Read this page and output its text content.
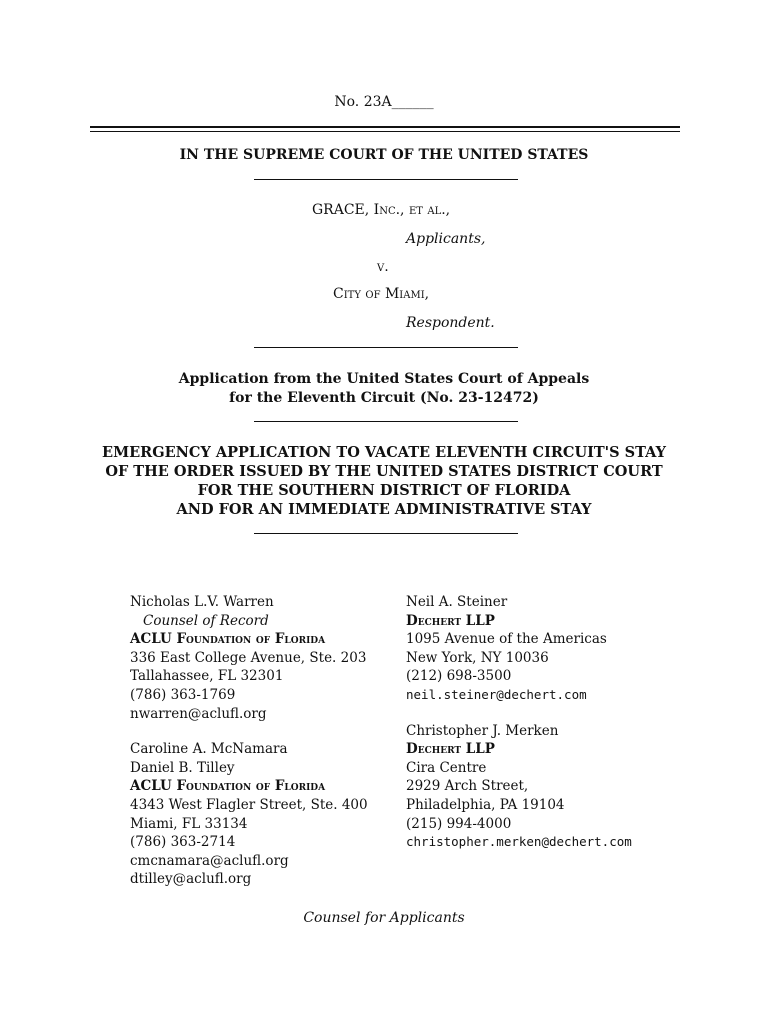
No. 23A______
IN THE SUPREME COURT OF THE UNITED STATES
GRACE, Inc., et al.,
Applicants,
v.
City of Miami,
Respondent.
Application from the United States Court of Appeals
for the Eleventh Circuit (No. 23-12472)
EMERGENCY APPLICATION TO VACATE ELEVENTH CIRCUIT'S STAY
OF THE ORDER ISSUED BY THE UNITED STATES DISTRICT COURT
FOR THE SOUTHERN DISTRICT OF FLORIDA
AND FOR AN IMMEDIATE ADMINISTRATIVE STAY
Nicholas L.V. Warren
Counsel of Record
ACLU Foundation of Florida
336 East College Avenue, Ste. 203
Tallahassee, FL 32301
(786) 363-1769
nwarren@aclufl.org
Caroline A. McNamara
Daniel B. Tilley
ACLU Foundation of Florida
4343 West Flagler Street, Ste. 400
Miami, FL 33134
(786) 363-2714
cmcnamara@aclufl.org
dtilley@aclufl.org
Neil A. Steiner
Dechert LLP
1095 Avenue of the Americas
New York, NY 10036
(212) 698-3500
neil.steiner@dechert.com
Christopher J. Merken
Dechert LLP
Cira Centre
2929 Arch Street,
Philadelphia, PA 19104
(215) 994-4000
christopher.merken@dechert.com
Counsel for Applicants
